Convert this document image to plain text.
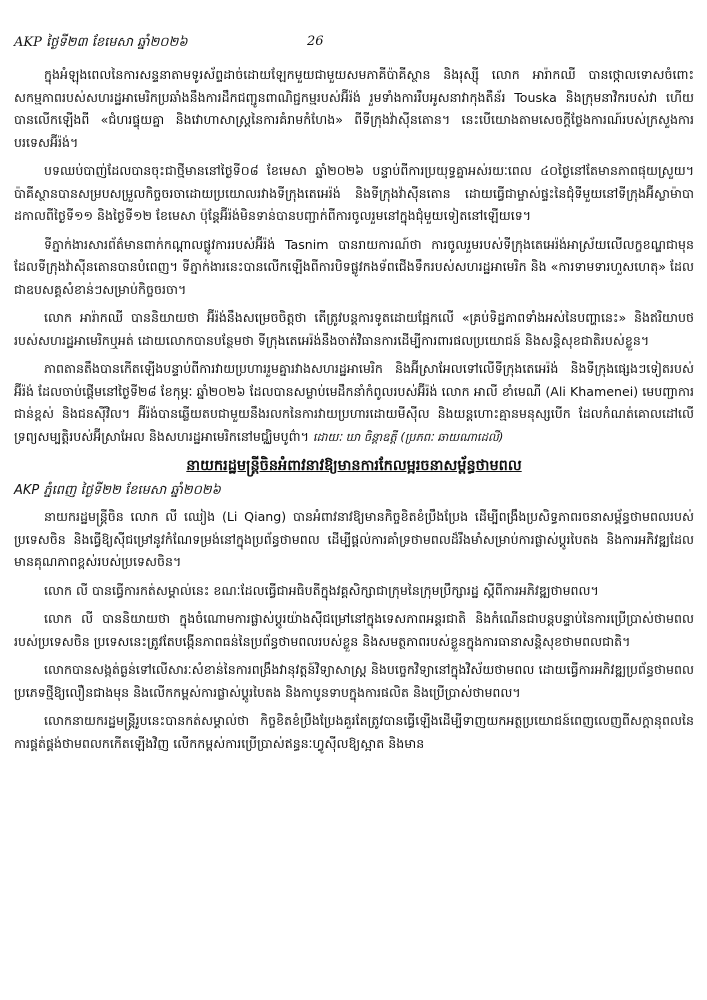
AKP ថ្ងៃទី២៣ ខែមេសា ឆ្នាំ២០២៦	26

ក្នុងអំឡុងពេលនៃការសន្ទនាតាមទូរស័ព្ទដាច់ដោយឡែកមួយជាមួយសមភាគីប៉ាគីស្ថាន និងរុស្ស៊ី លោក អារ៉ាកឈី បានថ្កោលទោសចំពោះសកម្មភាពរបស់សហរដ្ឋអាមេរិកប្រឆាំងនឹងការដឹកជញ្ជូនពាណិជ្ជកម្មរបស់អ៊ីរ៉ង់ រួមទាំងការរឹបអូសនាវាកុងតឺន័រ Touska និងក្រុមនាវិករបស់វា ហើយបានលើកឡើងពី «ជំហរផ្ទុយគ្នា និងវោហាសាស្ត្រនៃការគំរាមកំហែង» ពីទីក្រុងវ៉ាស៊ីនតោន។ នេះបើយោងតាមសេចក្តីថ្លែងការណ៍របស់ក្រសួងការបរទេសអ៊ីរ៉ង់។

បទឈប់បាញ់ដែលបានចុះជាថ្មីមាននៅថ្ងៃទី០៨ ខែមេសា ឆ្នាំ២០២៦ បន្ទាប់ពីការប្រយុទ្ធគ្នាអស់រយៈពេល ៤០ថ្ងៃនៅតែមានភាពផុយស្រួយ។ ប៉ាគីស្ថានបានសម្របសម្រួលកិច្ចចរចាដោយប្រយោលរវាងទីក្រុងតេអេរ៉ង់ និងទីក្រុងវ៉ាស៊ីនតោន ដោយធ្វើជាម្ចាស់ផ្ទះនៃជុំទីមួយនៅទីក្រុងអ៊ីស្លាម៉ាបាដកាលពីថ្ងៃទី១១ និងថ្ងៃទី១២ ខែមេសា ប៉ុន្តែអ៊ីរ៉ង់មិនទាន់បានបញ្ជាក់ពីការចូលរួមនៅក្នុងជុំមួយទៀតនៅឡើយទេ។

ទីភ្នាក់ងារសារព័ត៌មានពាក់កណ្តាលផ្លូវការរបស់អ៊ីរ៉ង់ Tasnim បានរាយការណ៍ថា ការចូលរួមរបស់ទីក្រុងតេអេរ៉ង់អាស្រ័យលើលក្ខខណ្ឌជាមុនដែលទីក្រុងវ៉ាស៊ីនតោនបានបំពេញ។ ទីភ្នាក់ងារនេះបានលើកឡើងពីការបិទផ្លូវកងទ័ពជើងទឹករបស់សហរដ្ឋអាមេរិក និង «ការទាមទារហួសហេតុ» ដែលជាឧបសគ្គសំខាន់ៗសម្រាប់កិច្ចចរចា។

លោក អារ៉ាកឈី បាននិយាយថា អ៊ីរ៉ង់នឹងសម្រេចចិត្តថា តើត្រូវបន្តការទូតដោយផ្អែកលើ «គ្រប់ទិដ្ឋភាពទាំងអស់នៃបញ្ហានេះ» និងឥរិយាបថរបស់សហរដ្ឋអាមេរិកឬអត់ ដោយលោកបានបន្ថែមថា ទីក្រុងតេអេរ៉ង់នឹងចាត់វិធានការដើម្បីការពារផលប្រយោជន៍ និងសន្តិសុខជាតិរបស់ខ្លួន។

ភាពតានតឹងបានកើតឡើងបន្ទាប់ពីការវាយប្រហាររួមគ្នារវាងសហរដ្ឋអាមេរិក និងអ៊ីស្រាអែលទៅលើទីក្រុងតេអេរ៉ង់ និងទីក្រុងផ្សេងៗទៀតរបស់អ៊ីរ៉ង់ ដែលចាប់ផ្តើមនៅថ្ងៃទី២៨ ខែកុម្ភៈ ឆ្នាំ២០២៦ ដែលបានសម្លាប់មេដឹកនាំកំពូលរបស់អ៊ីរ៉ង់ លោក អាលី ខាំមេណី (Ali Khamenei) មេបញ្ជាការជាន់ខ្ពស់ និងជនស៊ីវិល។ អ៊ីរ៉ង់បានឆ្លើយតបជាមួយនឹងរលកនៃការវាយប្រហារដោយមីស៊ីល និងយន្តហោះគ្មានមនុស្សបើក ដែលកំណត់គោលដៅលើទ្រព្យសម្បត្តិរបស់អ៊ីស្រាអែល និងសហរដ្ឋអាមេរិកនៅមជ្ឈិមបូព៌ា។ ដោយៈ ឃា ចិន្តាឧត្តី (ប្រភពៈ ឆាយណាដេលី)

នាយករដ្ឋមន្ត្រីចិនអំពាវនាវឱ្យមានការកែលម្អរចនាសម្ព័ន្ធថាមពល
AKP ភ្នំពេញ ថ្ងៃទី២២ ខែមេសា ឆ្នាំ២០២៦

នាយករដ្ឋមន្ត្រីចិន លោក លី ឈៀង (Li Qiang) បានអំពាវនាវឱ្យមានកិច្ចខិតខំប្រឹងប្រែង ដើម្បីពង្រឹងប្រសិទ្ធភាពរចនាសម្ព័ន្ធថាមពលរបស់ប្រទេសចិន និងធ្វើឱ្យស៊ីជម្រៅនូវកំណែទម្រង់នៅក្នុងប្រព័ន្ធថាមពល ដើម្បីផ្តល់ការគាំទ្រថាមពលដ៏រឹងមាំសម្រាប់ការផ្លាស់ប្តូរបៃតង និងការអភិវឌ្ឍដែលមានគុណភាពខ្ពស់របស់ប្រទេសចិន។

លោក លី បានធ្វើការកត់សម្គាល់នេះ ខណៈដែលធ្វើជាអធិបតីក្នុងវគ្គសិក្សាជាក្រុមនៃក្រុមប្រឹក្សារដ្ឋ ស្តីពីការអភិវឌ្ឍថាមពល។

លោក លី បាននិយាយថា ក្នុងចំណោមការផ្លាស់ប្តូរយ៉ាងស៊ីជម្រៅនៅក្នុងទេសភាពអន្តរជាតិ និងកំណើនជាបន្តបន្ទាប់នៃការប្រើប្រាស់ថាមពលរបស់ប្រទេសចិន ប្រទេសនេះត្រូវតែបង្កើនភាពធន់នៃប្រព័ន្ធថាមពលរបស់ខ្លួន និងសមត្ថភាពរបស់ខ្លួនក្នុងការធានាសន្តិសុខថាមពលជាតិ។

លោកបានសង្កត់ធ្ងន់ទៅលើសារៈសំខាន់នៃការពង្រឹងវានុវត្តន៍វិទ្យាសាស្ត្រ និងបច្ចេកវិទ្យានៅក្នុងវិស័យថាមពល ដោយធ្វើការអភិវឌ្ឍប្រព័ន្ធថាមពលប្រភេទថ្មីឱ្យលឿនជាងមុន និងលើកកម្ពស់ការផ្លាស់ប្តូរបៃតង និងកាបូនទាបក្នុងការផលិត និងប្រើប្រាស់ថាមពល។

លោកនាយករដ្ឋមន្ត្រីរូបនេះបានកត់សម្គាល់ថា កិច្ចខិតខំប្រឹងប្រែងគួរតែត្រូវបានធ្វើឡើងដើម្បីទាញយកអត្ថប្រយោជន៍ពេញលេញពីសក្តានុពលនៃការផ្គត់ផ្គង់ថាមពលកកើតឡើងវិញ លើកកម្ពស់ការប្រើប្រាស់ឥន្ធនៈហ្វូស៊ីលឱ្យស្អាត និងមាន
